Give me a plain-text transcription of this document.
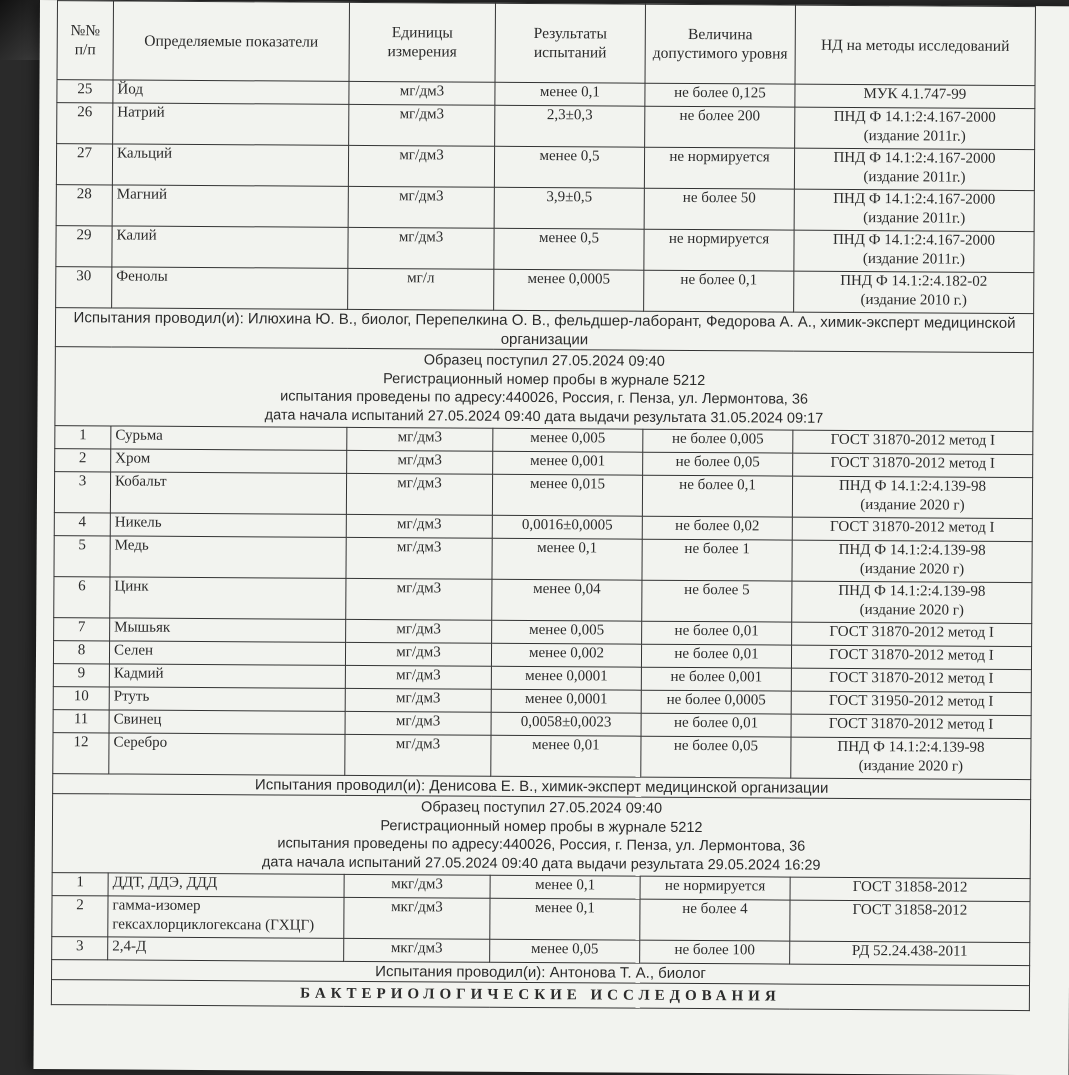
№№ п/п	Определяемые показатели	Единицы измерения	Результаты испытаний	Величина допустимого уровня	НД на методы исследований
25	Йод	мг/дм3	менее 0,1	не более 0,125	МУК 4.1.747-99

26	Натрий	мг/дм3	2,3±0,3	не более 200	ПНД Ф 14.1:2:4.167-2000
(издание 2011г.)

27	Кальций	мг/дм3	менее 0,5	не нормируется	ПНД Ф 14.1:2:4.167-2000
(издание 2011г.)

28	Магний	мг/дм3	3,9±0,5	не более 50	ПНД Ф 14.1:2:4.167-2000
(издание 2011г.)

29	Калий	мг/дм3	менее 0,5	не нормируется	ПНД Ф 14.1:2:4.167-2000
(издание 2011г.)

30	Фенолы	мг/л	менее 0,0005	не более 0,1	ПНД Ф 14.1:2:4.182-02
(издание 2010 г.)

Испытания проводил(и): Илюхина Ю. В., биолог, Перепелкина О. В., фельдшер-лаборант, Федорова А. А., химик-эксперт медицинской организации					

Образец поступил 27.05.2024 09:40
Регистрационный номер пробы в журнале 5212
испытания проведены по адресу:440026, Россия, г. Пенза, ул. Лермонтова, 36
дата начала испытаний 27.05.2024 09:40 дата выдачи результата 31.05.2024 09:17					

1	Сурьма	мг/дм3	менее 0,005	не более 0,005	ГОСТ 31870-2012 метод I

2	Хром	мг/дм3	менее 0,001	не более 0,05	ГОСТ 31870-2012 метод I

3	Кобальт	мг/дм3	менее 0,015	не более 0,1	ПНД Ф 14.1:2:4.139-98
(издание 2020 г)

4	Никель	мг/дм3	0,0016±0,0005	не более 0,02	ГОСТ 31870-2012 метод I

5	Медь	мг/дм3	менее 0,1	не более 1	ПНД Ф 14.1:2:4.139-98
(издание 2020 г)

6	Цинк	мг/дм3	менее 0,04	не более 5	ПНД Ф 14.1:2:4.139-98
(издание 2020 г)

7	Мышьяк	мг/дм3	менее 0,005	не более 0,01	ГОСТ 31870-2012 метод I

8	Селен	мг/дм3	менее 0,002	не более 0,01	ГОСТ 31870-2012 метод I

9	Кадмий	мг/дм3	менее 0,0001	не более 0,001	ГОСТ 31870-2012 метод I

10	Ртуть	мг/дм3	менее 0,0001	не более 0,0005	ГОСТ 31950-2012 метод I

11	Свинец	мг/дм3	0,0058±0,0023	не более 0,01	ГОСТ 31870-2012 метод I

12	Серебро	мг/дм3	менее 0,01	не более 0,05	ПНД Ф 14.1:2:4.139-98
(издание 2020 г)

Испытания проводил(и): Денисова Е. В., химик-эксперт медицинской организации					

Образец поступил 27.05.2024 09:40
Регистрационный номер пробы в журнале 5212
испытания проведены по адресу:440026, Россия, г. Пенза, ул. Лермонтова, 36
дата начала испытаний 27.05.2024 09:40 дата выдачи результата 29.05.2024 16:29					

1	ДДТ, ДДЭ, ДДД	мкг/дм3	менее 0,1	не нормируется	ГОСТ 31858-2012

2	гамма-изомер гексахлорциклогексана (ГХЦГ)	мкг/дм3	менее 0,1	не более 4	ГОСТ 31858-2012

3	2,4-Д	мкг/дм3	менее 0,05	не более 100	РД 52.24.438-2011

Испытания проводил(и): Антонова Т. А., биолог					
БАКТЕРИОЛОГИЧЕСКИЕ ИССЛЕДОВАНИЯ					
